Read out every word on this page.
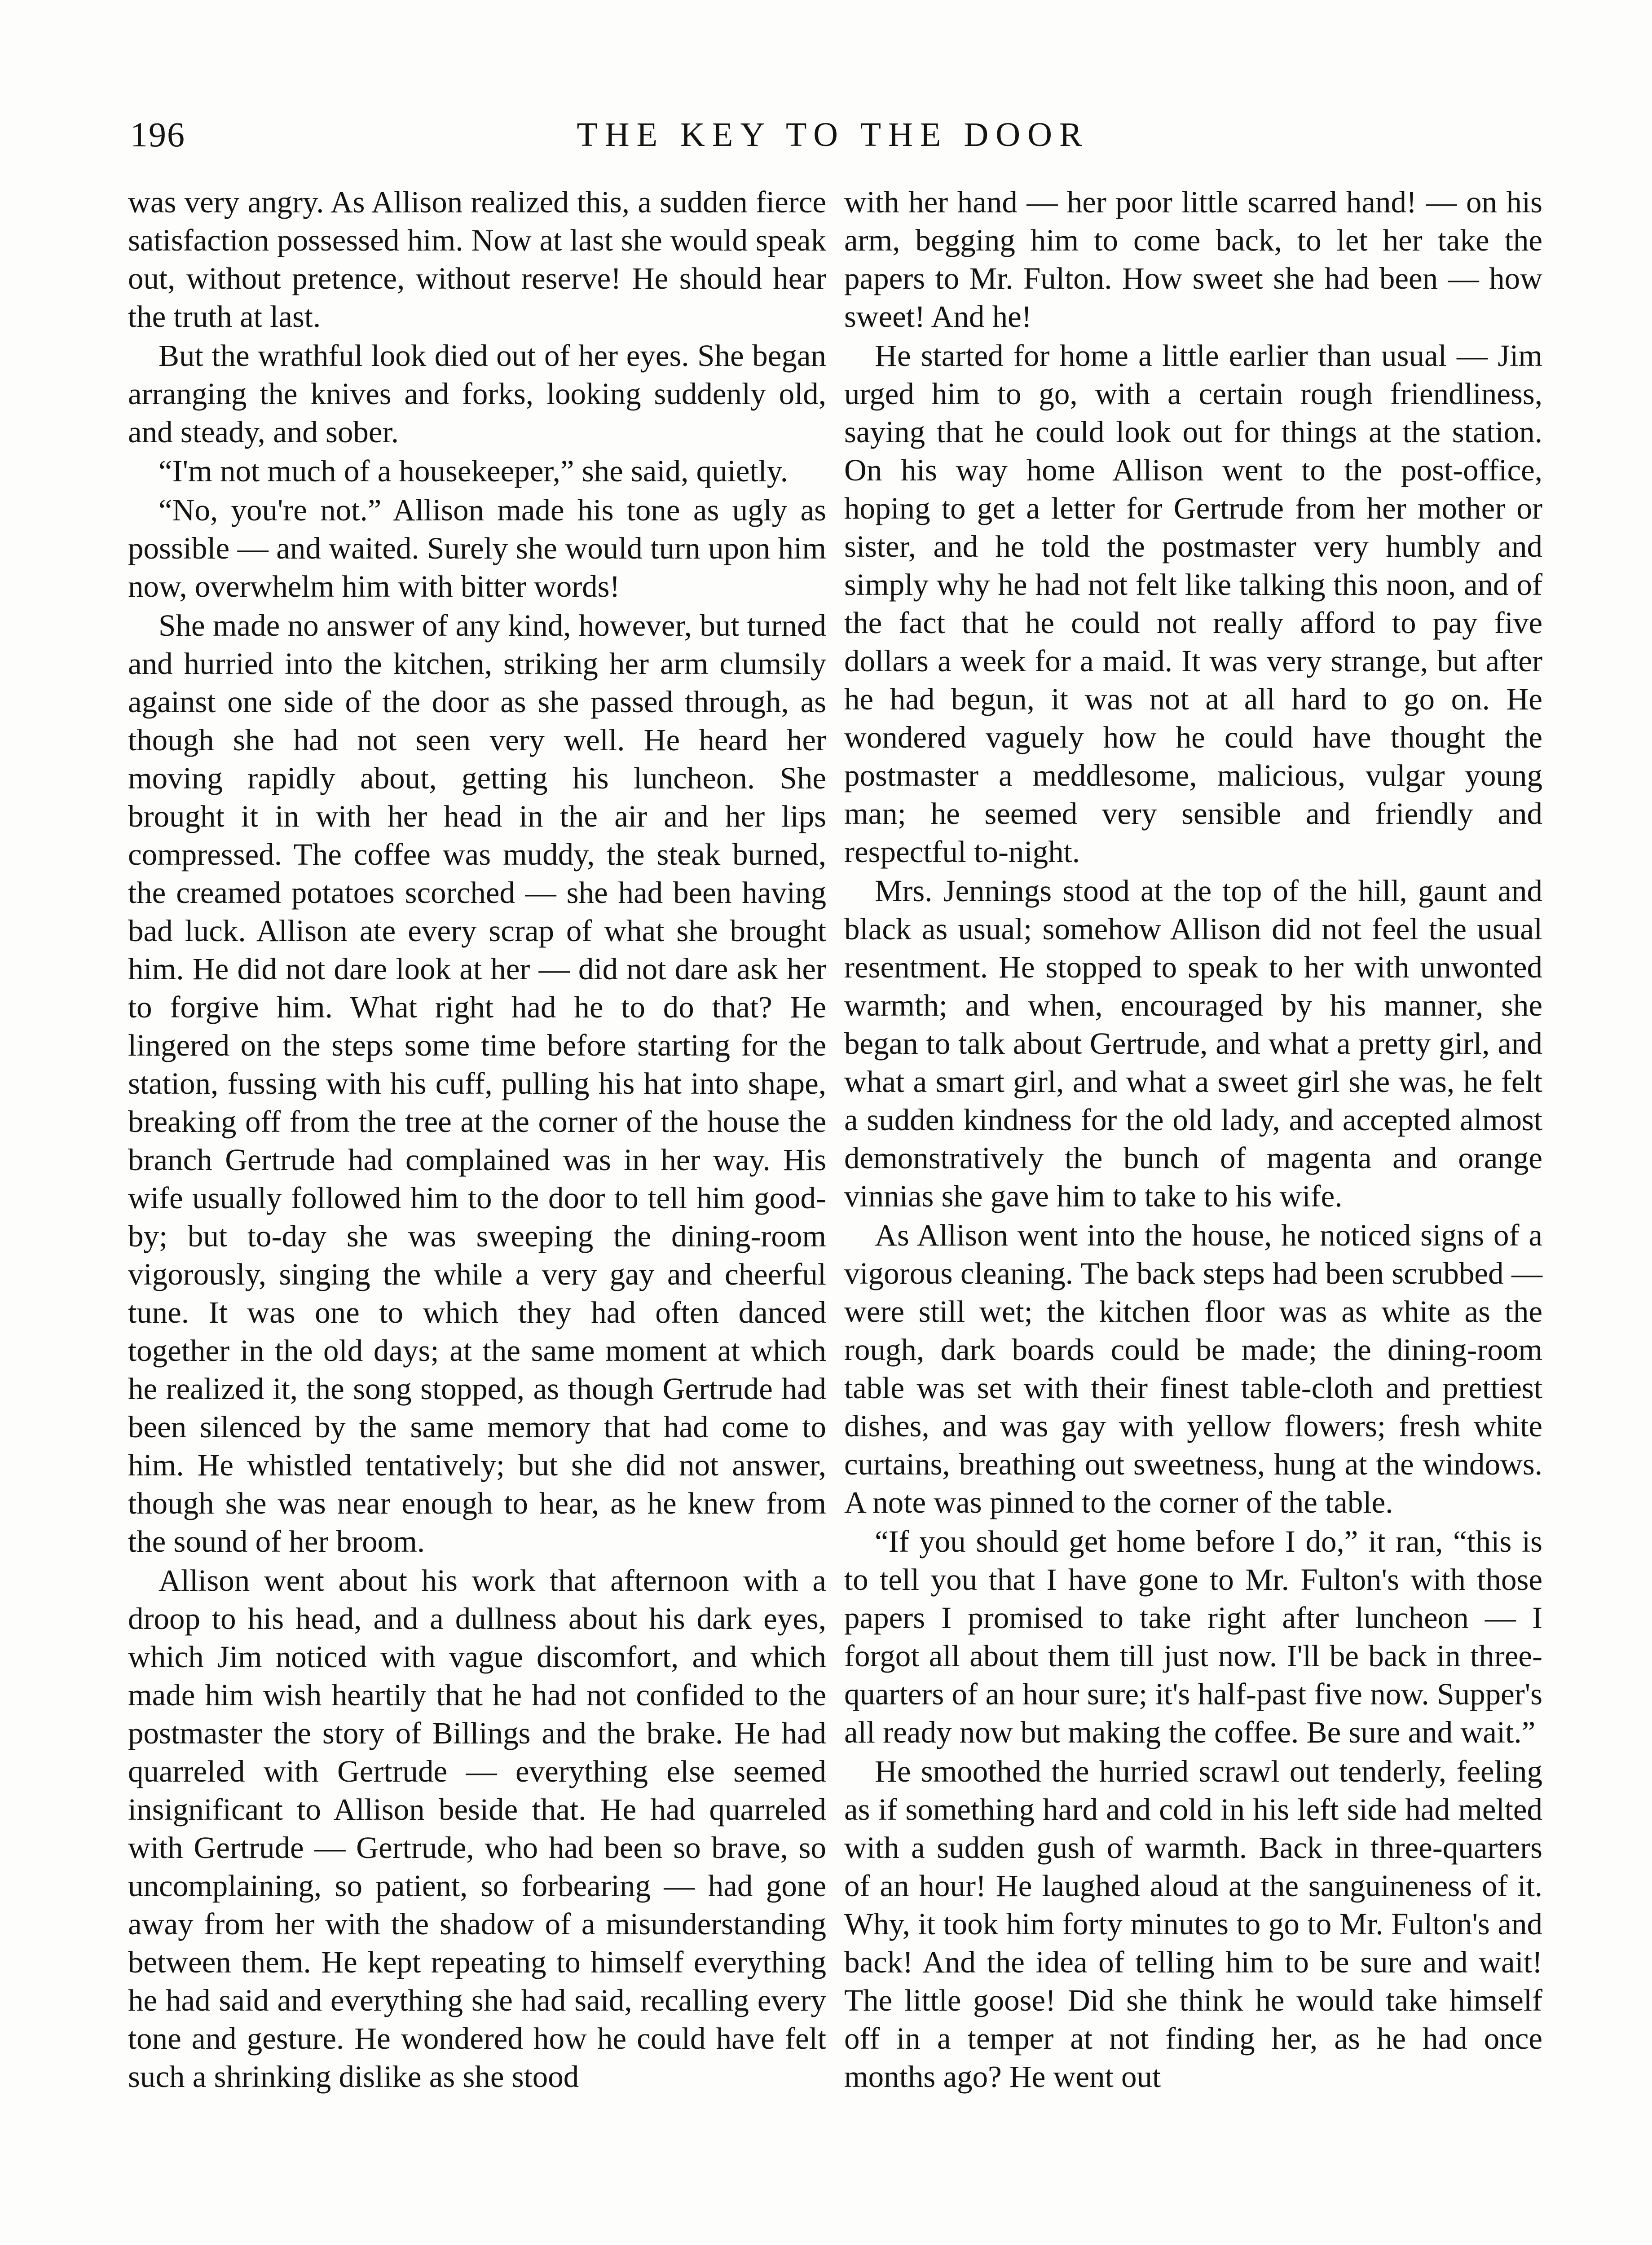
196	THE KEY TO THE DOOR

was very angry. As Allison realized this, a sudden fierce satisfaction possessed him. Now at last she would speak out, without pretence, without reserve! He should hear the truth at last.

But the wrathful look died out of her eyes. She began arranging the knives and forks, looking suddenly old, and steady, and sober.

“I'm not much of a housekeeper,” she said, quietly.

“No, you're not.” Allison made his tone as ugly as possible — and waited. Surely she would turn upon him now, overwhelm him with bitter words!

She made no answer of any kind, however, but turned and hurried into the kitchen, striking her arm clumsily against one side of the door as she passed through, as though she had not seen very well. He heard her moving rapidly about, getting his luncheon. She brought it in with her head in the air and her lips compressed. The coffee was muddy, the steak burned, the creamed potatoes scorched — she had been having bad luck. Allison ate every scrap of what she brought him. He did not dare look at her — did not dare ask her to forgive him. What right had he to do that? He lingered on the steps some time before starting for the station, fussing with his cuff, pulling his hat into shape, breaking off from the tree at the corner of the house the branch Gertrude had complained was in her way. His wife usually followed him to the door to tell him good-by; but to-day she was sweeping the dining-room vigorously, singing the while a very gay and cheerful tune. It was one to which they had often danced together in the old days; at the same moment at which he realized it, the song stopped, as though Gertrude had been silenced by the same memory that had come to him. He whistled tentatively; but she did not answer, though she was near enough to hear, as he knew from the sound of her broom.

Allison went about his work that afternoon with a droop to his head, and a dullness about his dark eyes, which Jim noticed with vague discomfort, and which made him wish heartily that he had not confided to the postmaster the story of Billings and the brake. He had quarreled with Gertrude — everything else seemed insignificant to Allison beside that. He had quarreled with Gertrude — Gertrude, who had been so brave, so uncomplaining, so patient, so forbearing — had gone away from her with the shadow of a misunderstanding between them. He kept repeating to himself everything he had said and everything she had said, recalling every tone and gesture. He wondered how he could have felt such a shrinking dislike as she stood

with her hand — her poor little scarred hand! — on his arm, begging him to come back, to let her take the papers to Mr. Fulton. How sweet she had been — how sweet! And he!

He started for home a little earlier than usual — Jim urged him to go, with a certain rough friendliness, saying that he could look out for things at the station. On his way home Allison went to the post-office, hoping to get a letter for Gertrude from her mother or sister, and he told the postmaster very humbly and simply why he had not felt like talking this noon, and of the fact that he could not really afford to pay five dollars a week for a maid. It was very strange, but after he had begun, it was not at all hard to go on. He wondered vaguely how he could have thought the postmaster a meddlesome, malicious, vulgar young man; he seemed very sensible and friendly and respectful to-night.

Mrs. Jennings stood at the top of the hill, gaunt and black as usual; somehow Allison did not feel the usual resentment. He stopped to speak to her with unwonted warmth; and when, encouraged by his manner, she began to talk about Gertrude, and what a pretty girl, and what a smart girl, and what a sweet girl she was, he felt a sudden kindness for the old lady, and accepted almost demonstratively the bunch of magenta and orange vinnias she gave him to take to his wife.

As Allison went into the house, he noticed signs of a vigorous cleaning. The back steps had been scrubbed — were still wet; the kitchen floor was as white as the rough, dark boards could be made; the dining-room table was set with their finest table-cloth and prettiest dishes, and was gay with yellow flowers; fresh white curtains, breathing out sweetness, hung at the windows. A note was pinned to the corner of the table.

“If you should get home before I do,” it ran, “this is to tell you that I have gone to Mr. Fulton's with those papers I promised to take right after luncheon — I forgot all about them till just now. I'll be back in three-quarters of an hour sure; it's half-past five now. Supper's all ready now but making the coffee. Be sure and wait.”

He smoothed the hurried scrawl out tenderly, feeling as if something hard and cold in his left side had melted with a sudden gush of warmth. Back in three-quarters of an hour! He laughed aloud at the sanguineness of it. Why, it took him forty minutes to go to Mr. Fulton's and back! And the idea of telling him to be sure and wait! The little goose! Did she think he would take himself off in a temper at not finding her, as he had once months ago? He went out
